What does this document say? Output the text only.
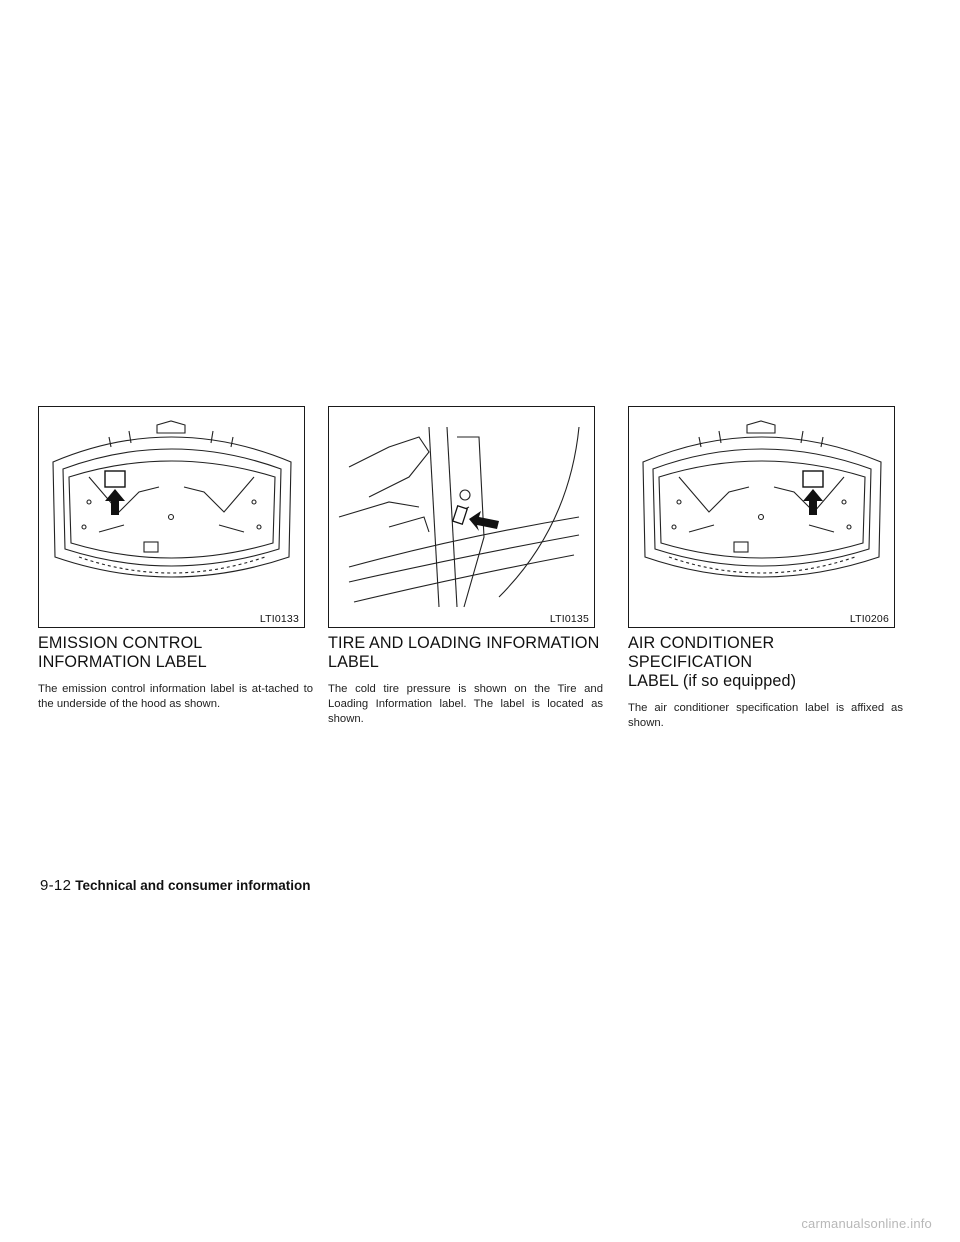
LTI0133	LTI0135	LTI0206
EMISSION CONTROL
INFORMATION LABEL

The emission control information label is at-tached to the underside of the hood as shown.

TIRE AND LOADING INFORMATION
LABEL

The cold tire pressure is shown on the Tire and Loading Information label. The label is located as shown.

AIR CONDITIONER SPECIFICATION
LABEL (if so equipped)

The air conditioner specification label is affixed as shown.

9-12 Technical and consumer information
carmanualsonline.info
